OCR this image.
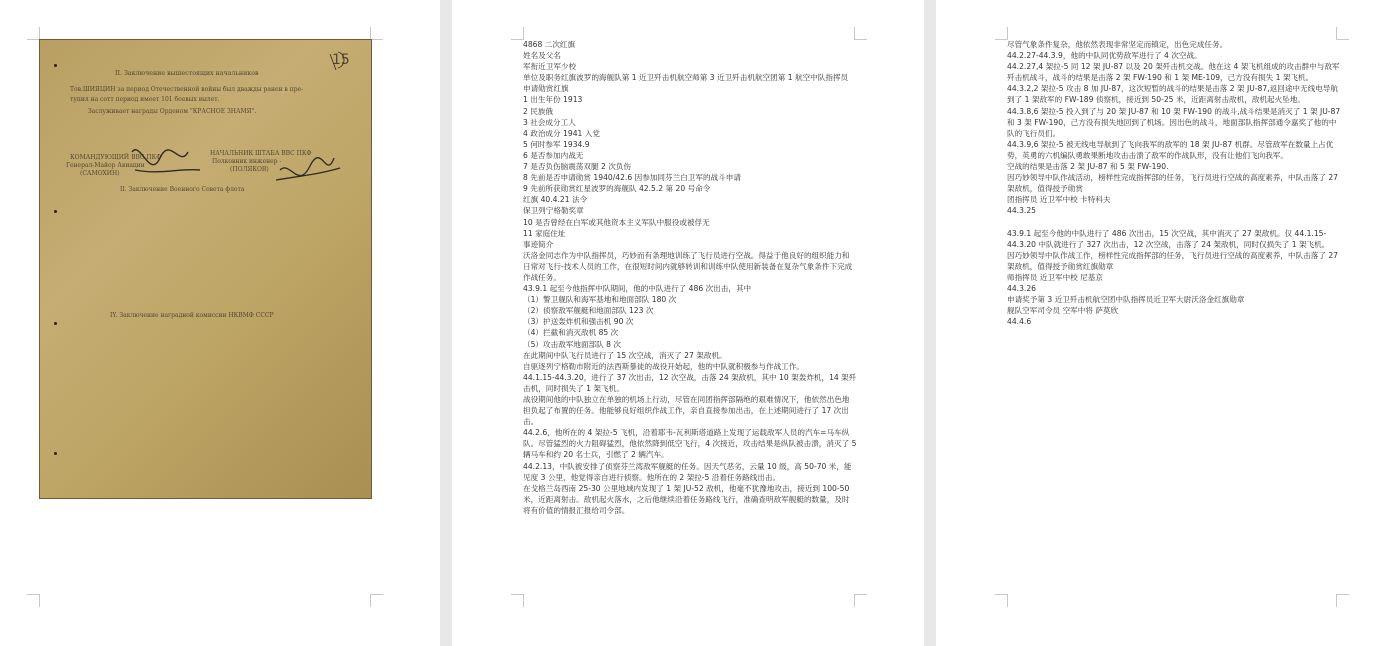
15
II. Заключение вышестоящих начальников
Тов.ШИЯЦИН за период Отечественной войны был дважды ранен в пре-
тупил на сотт период имеет 101 боевых вылет.
Заслуживает награды Орденом "КРАСНОЕ ЗНАМЯ".
КОМАНДУЮЩИЙ ВВС ПКФ
Генерал-Майор Авиации
(САМОХИН)
НАЧАЛЬНИК ШТАБА ВВС ПКФ
Полковник инженер -
(ПОЛЯКОВ)
II. Заключение Военного Совета флота
IY. Заключение наградной комиссии НКВМФ СССР
4868 二次红旗
姓名及父名
军衔近卫军少校
单位及职务红旗波罗的海舰队第 1 近卫歼击机航空师第 3 近卫歼击机航空团第 1 航空中队指挥员
申请勋赏红旗
1 出生年份 1913
2 民族俄
3 社会成分工人
4 政治成分 1941 入党
5 何时参军 1934.9
6 是否参加内战无
7 是否负伤脑震荡双腿 2 次负伤
8 先前是否申请勋赏 1940/42.6 因参加同芬兰白卫军的战斗申请
9 先前所获勋赏红星波罗的海舰队 42.5.2 第 20 号命令
红旗 40.4.21 法令
保卫列宁格勒奖章
10 是否曾经在白军或其他资本主义军队中服役或被俘无
11 家庭住址
事迹简介
沃洛金同志作为中队指挥员，巧妙而有条理地训练了飞行员进行空战。得益于他良好的组织能力和日常对飞行-技术人员的工作，在很短时间内就够转训和训练中队使用新装备在复杂气象条件下完成作战任务。
43.9.1 起至今他指挥中队期间，他的中队进行了 486 次出击，其中
（1）警卫舰队和海军基地和地面部队 180 次
（2）侦察敌军舰艇和地面部队 123 次
（3）护送轰炸机和强击机 90 次
（4）拦截和消灭敌机 85 次
（5）攻击敌军地面部队 8 次
在此期间中队飞行员进行了 15 次空战，消灭了 27 架敌机。
自驱逐列宁格勒市附近的法西斯暴徒的战役开始起，他的中队就积极参与作战工作。
44.1.15-44.3.20，进行了 37 次出击，12 次空战，击落 24 架敌机，其中 10 架轰炸机，14 架歼击机，同时损失了 1 架飞机。
战役期间他的中队独立在单独的机场上行动，尽管在同团指挥部隔绝的艰难情况下，他依然出色地担负起了布置的任务。他能够良好组织作战工作，亲自直接参加出击，在上述期间进行了 17 次出击。
44.2.6，他所在的 4 架拉-5 飞机，沿着耶韦-瓦利斯塔道路上发现了运载敌军人员的汽车=马车纵队。尽管猛烈的火力阻碍猛烈，他依然降到低空飞行，4 次接近，攻击结果是纵队被击溃，消灭了 5 辆马车和约 20 名士兵，引燃了 2 辆汽车。
44.2.13，中队被安排了侦察芬兰湾敌军舰艇的任务。因天气恶劣，云量 10 级，高 50-70 米，能见度 3 公里，他觉得亲自进行侦察。他所在的 2 架拉-5 沿着任务路线出击。
在戈格兰岛西南 25-30 公里地域内发现了 1 架 JU-52 敌机，他毫不犹豫地攻击，接近到 100-50 米，近距离射击。敌机起火落水，之后他继续沿着任务路线飞行，准确查明敌军舰艇的数量，及时将有价值的情报汇报给司令部。
尽管气象条件复杂，他依然表现非常坚定而镇定，出色完成任务。
44.2.27-44.3.9，他的中队同优势敌军进行了 4 次空战。
44.2.27,4 架拉-5 同 12 架 JU-87 以及 20 架歼击机交战。他在这 4 架飞机组成的攻击群中与敌军歼击机战斗，战斗的结果是击落 2 架 FW-190 和 1 架 ME-109，己方没有损失 1 架飞机。
44.3.2,2 架拉-5 攻击 8 加 JU-87，这次短暂的战斗的结果是击落 2 架 JU-87,返回途中无线电导航到了 1 架敌军的 FW-189 侦察机，接近到 50-25 米，近距离射击敌机，敌机起火坠地。
44.3.8,6 架拉-5 投入到了与 20 架 JU-87 和 10 架 FW-190 的战斗,战斗结果是消灭了 1 架 JU-87 和 3 架 FW-190，己方没有损失地回到了机场。因出色的战斗，地面部队指挥部通令嘉奖了他的中队的飞行员们。
44.3.9,6 架拉-5 被无线电导航到了飞向我军的敌军的 18 架 JU-87 机群。尽管敌军在数量上占优势，英勇的六机编队勇敢果断地攻击击溃了敌军的作战队形，没有让他们飞向我军。
空战的结果是击落 2 架 JU-87 和 5 架 FW-190.
因巧妙领导中队作战活动，榜样性完成指挥部的任务，飞行员进行空战的高度素养，中队击落了 27 架敌机，值得授予勋赏
团指挥员 近卫军中校 卡特科夫
44.3.25
43.9.1 起至今他的中队进行了 486 次出击，15 次空战，其中消灭了 27 架敌机。仅 44.1.15-44.3.20 中队就进行了 327 次出击，12 次空战，击落了 24 架敌机，同时仅损失了 1 架飞机。
因巧妙领导中队作战工作，榜样性完成指挥部的任务，飞行员进行空战的高度素养，中队击落了 27 架敌机，值得授予勋赏红旗勋章
师指挥员 近卫军中校 尼基京
44.3.26
申请奖予第 3 近卫歼击机航空团中队指挥员近卫军大尉沃洛金红旗勋章
舰队空军司令员 空军中将 萨莫欣
44.4.6
